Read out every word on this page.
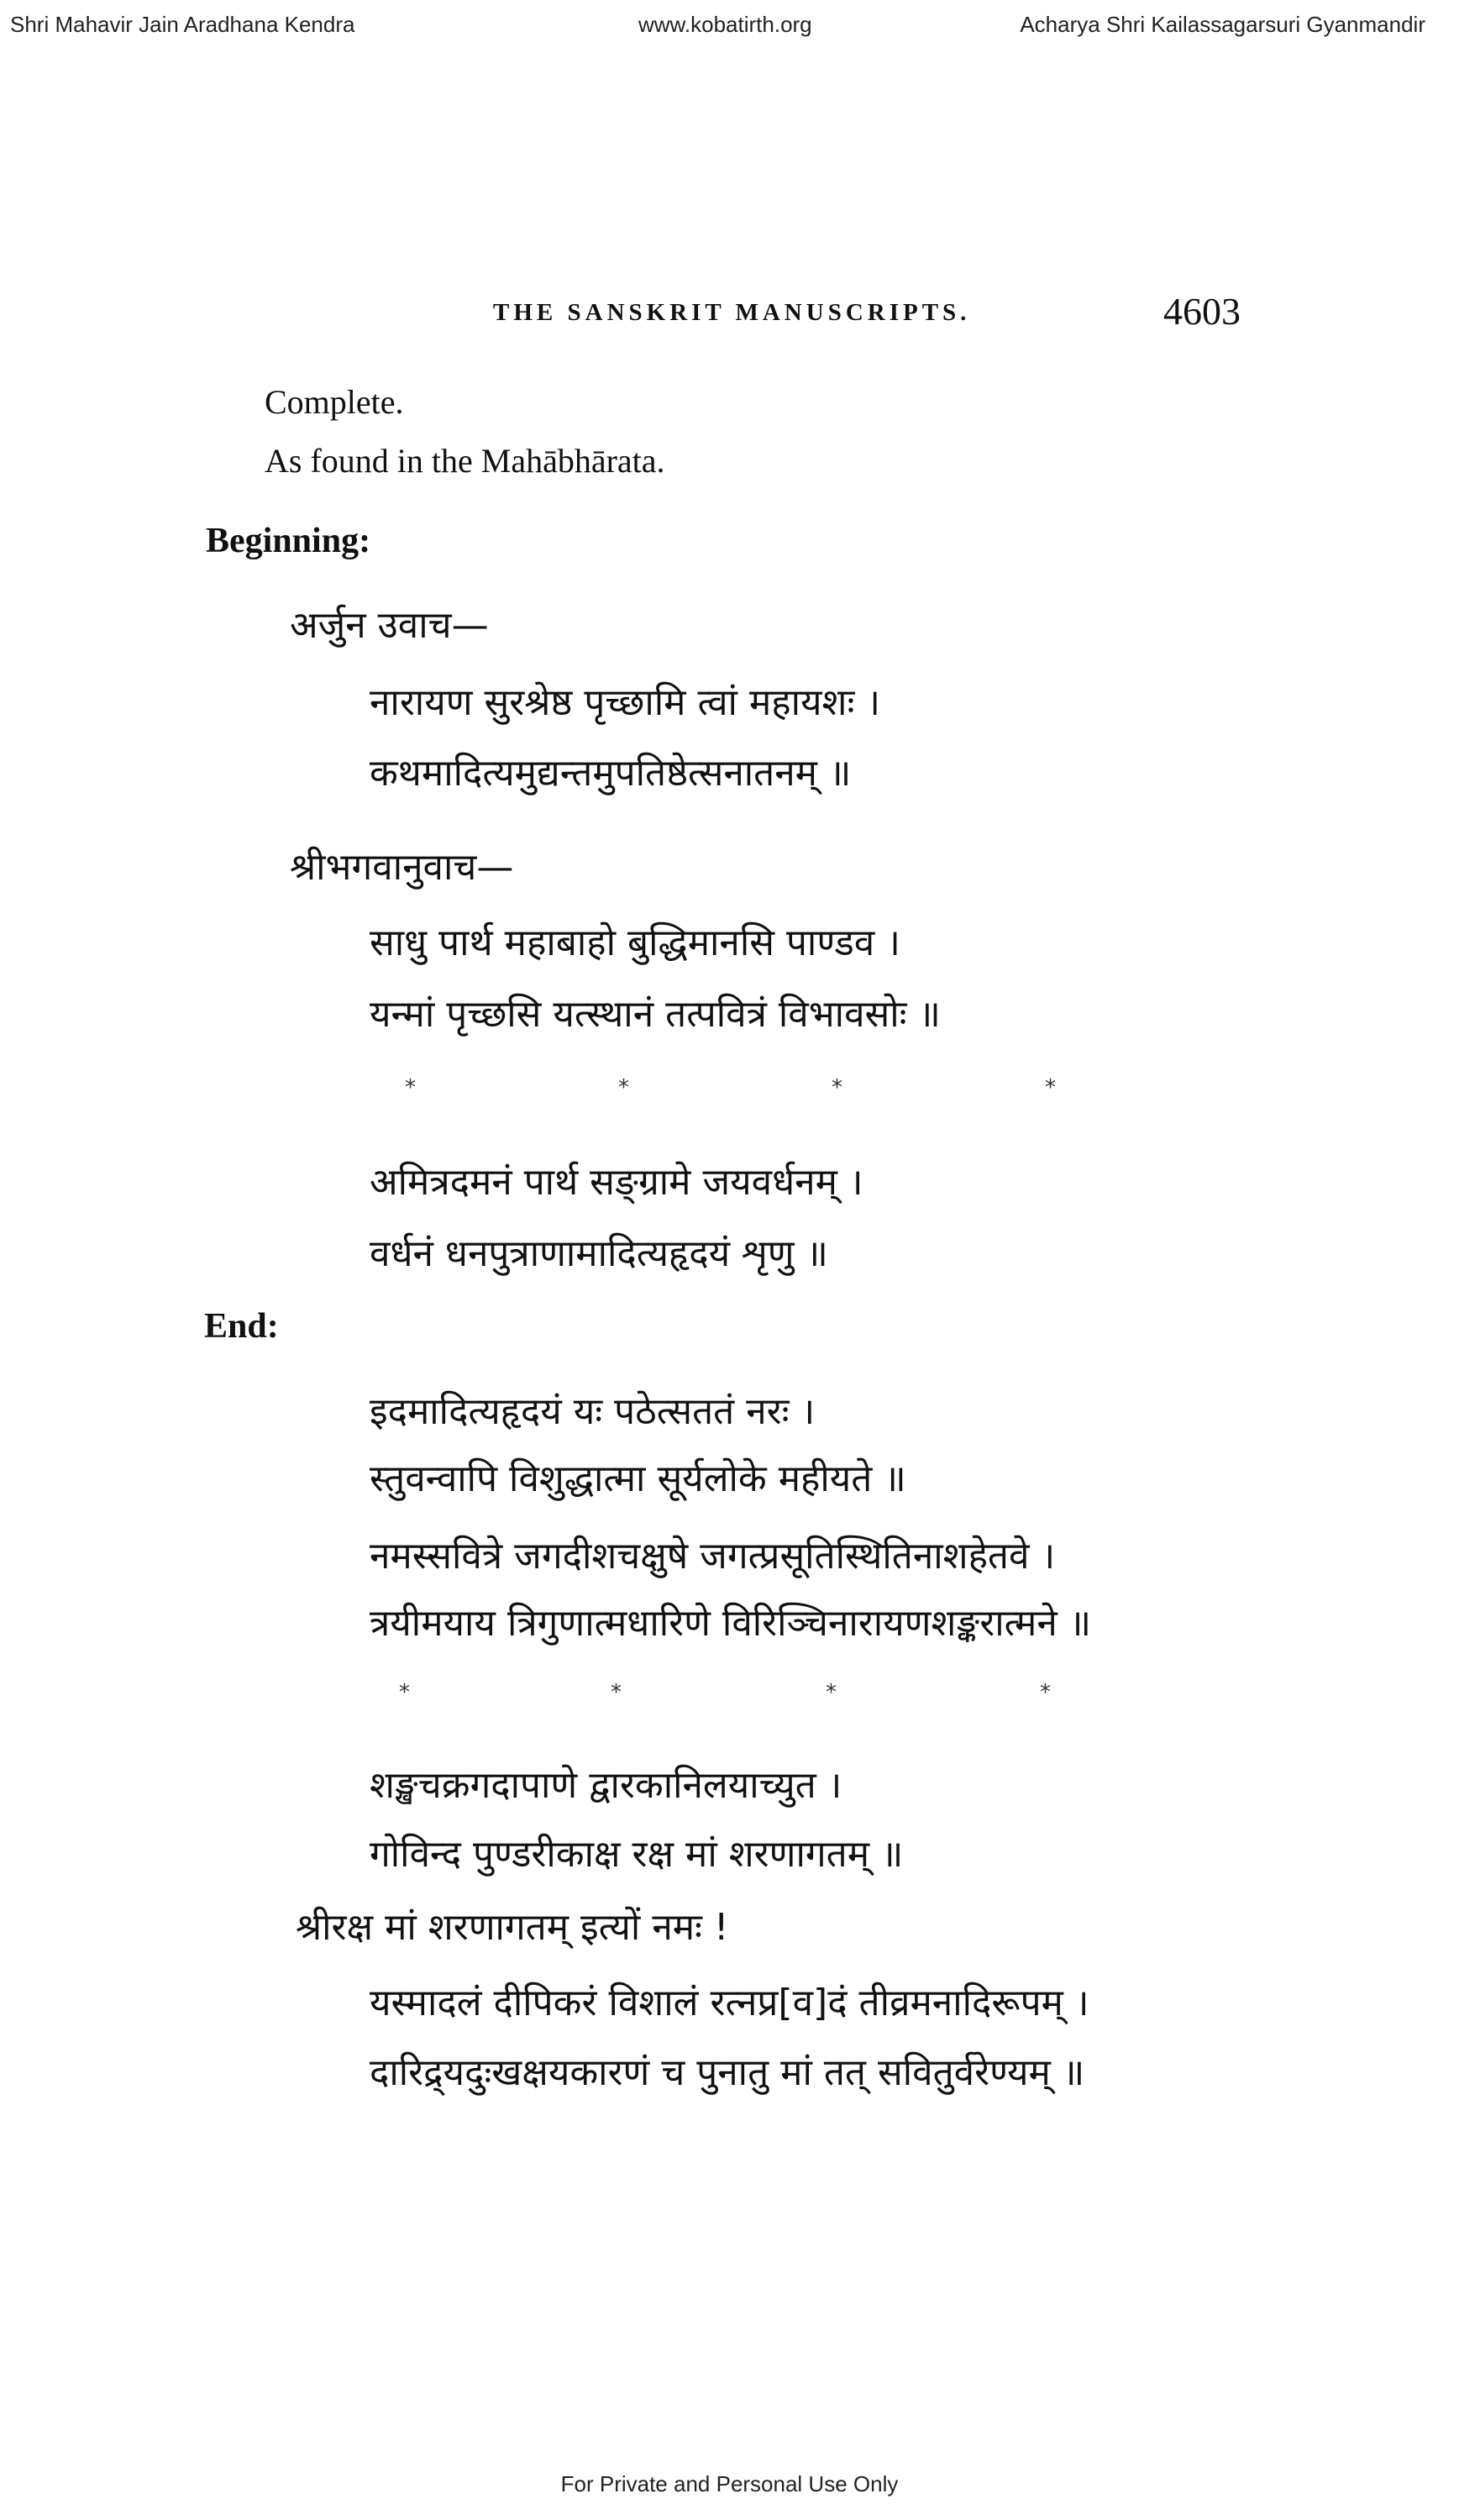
Shri Mahavir Jain Aradhana Kendra	www.kobatirth.org	Acharya Shri Kailassagarsuri Gyanmandir
THE SANSKRIT MANUSCRIPTS.	4603
Complete.
As found in the Mahābhārata.
Beginning:
अर्जुन उवाच—
नारायण सुरश्रेष्ठ पृच्छामि त्वां महायशः ।
कथमादित्यमुद्यन्तमुपतिष्ठेत्सनातनम् ॥
श्रीभगवानुवाच—
साधु पार्थ महाबाहो बुद्धिमानसि पाण्डव ।
यन्मां पृच्छसि यत्स्थानं तत्पवित्रं विभावसोः ॥
*	*	*	*
अमित्रदमनं पार्थ सङ्ग्रामे जयवर्धनम् ।
वर्धनं धनपुत्राणामादित्यहृदयं शृणु ॥
End:
इदमादित्यहृदयं यः पठेत्सततं नरः ।
स्तुवन्वापि विशुद्धात्मा सूर्यलोके महीयते ॥
नमस्सवित्रे जगदीशचक्षुषे जगत्प्रसूतिस्थितिनाशहेतवे ।
त्रयीमयाय त्रिगुणात्मधारिणे विरिञ्चिनारायणशङ्करात्मने ॥
*	*	*	*
शङ्खचक्रगदापाणे द्वारकानिलयाच्युत ।
गोविन्द पुण्डरीकाक्ष रक्ष मां शरणागतम् ॥
श्रीरक्ष मां शरणागतम् इत्यों नमः !
यस्मादलं दीपिकरं विशालं रत्नप्र[व]दं तीव्रमनादिरूपम् ।
दारिद्र्यदुःखक्षयकारणं च पुनातु मां तत् सवितुर्वरेण्यम् ॥
For Private and Personal Use Only
